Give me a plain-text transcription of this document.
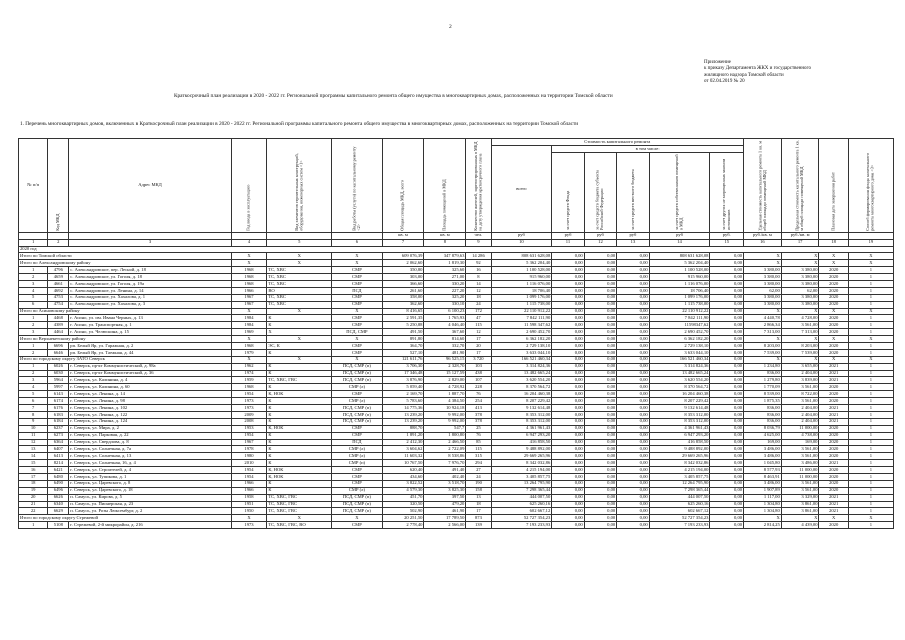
2
Приложение
к приказу Департамента ЖКХ и государственного
жилищного надзора Томской области
от 02.04.2019 № 20
Краткосрочный план реализации в 2020 - 2022 гг. Региональной программы капитального ремонта общего имущества в многоквартирных домах, расположенных на территории Томской области
1. Перечень многоквартирных домов, включенных в Краткосрочный план реализации в 2020 - 2022 гг. Региональной программы капитального ремонта общего имущества в многоквартирных домах, расположенных на территории Томской области
№ п/п	Код МКД	Адрес МКД	Год ввода в эксплуатацию	Вид элементов строительных конструкций, оборудования, инженерных систем <1>	Вид работы (услуги) по капитальному ремонту <2>	Общая площадь МКД, всего	Площадь помещений в МКД	Количество жителей, зарегистрированных в МКД на дату утверждения краткосрочного плана	Стоимость капитального ремонта						Удельная стоимость капитального ремонта 1 кв. м общей площади помещений МКД	Предельная стоимость капитального ремонта 1 кв. м общей площади помещений МКД	Плановая дата завершения работ	Способ формирования фонда капитального ремонта многоквартирного дома <3>
									всего	в том числе:								
										за счет средств Фонда	за счет средств бюджета субъекта Российской Федерации	за счет средств местного бюджета	за счет средств собственников помещений в МКД	за счет других не запрещенных законом источников				
						кв. м	кв. м	чел.	руб	руб	руб	руб	руб	руб.	руб./кв. м	руб./кв. м		
1	2	3	4	5	6	7	8	9	10	11	12	13	14	15	16	17	18	19
2020 год																		
Итого по Томской области			X	X	X	609 076,39	347 879,63	14 286	808 631 628,08	0,00	0,00	0,00	808 631 628,08	0,00	X	X	X	X
Итого по Александровскому району			X	X	X	2 062,60	1 819,30	92	5 362 204,40	0,00	0,00	0,00	5 362 204,40	0,00	X	X	X	X
1	4796	с. Александровское, пер. Лесной, д. 18	1968	ТС, ХВС	СМР	350,80	325,60	16	1 100 528,00	0,00	0,00	0,00	1 100 528,00	0,00	3 380,00	3 380,00	2020	1
2	4659	с. Александровское, ул. Гоголя, д. 18	1968	ТС, ХВС	СМР	303,00	271,00	8	915 960,00	0,00	0,00	0,00	915 960,00	0,00	3 380,00	3 380,00	2020	1
3	4661	с. Александровское, ул. Гоголя, д. 19а	1968	ТС, ХВС	СМР	366,60	330,20	14	1 116 076,00	0,00	0,00	0,00	1 116 076,00	0,00	3 380,00	3 380,00	2020	1
4	4692	с. Александровское, ул. Ленина, д. 14	1966	ВО	ПСД	261,60	227,20	12	18 706,40	0,00	0,00	0,00	18 706,40	0,00	62,00	62,00	2020	1
5	4753	с. Александровское, ул. Хахалова, д. 1	1967	ТС, ХВС	СМР	358,00	325,20	18	1 099 176,00	0,00	0,00	0,00	1 099 176,00	0,00	3 380,00	3 380,00	2020	1
6	4754	с. Александровское, ул. Хахалова, д. 3	1967	ТС, ХВС	СМР	362,60	330,10	24	1 115 738,00	0,00	0,00	0,00	1 115 738,00	0,00	3 380,00	3 380,00	2020	1
Итого по Асиновскому району			X	X	X	8 416,65	6 100,23	172	22 110 912,22	0,00	0,00	0,00	22 110 912,22	0,00	X	X	X	X
1	4468	г. Асино, ул. им. Ивана Черных, д. 13	1984	К	СМР	2 591,35	1 765,93	47	7 842 111,90	0,00	0,00	0,00	7 842 111,90	0,00	4 440,78	4 728,00	2020	1
2	4389	г. Асино, ул. Транспортная, д. 1	1984	К	СМР	5 250,88	4 046,40	115	11 598 347,62	0,00	0,00	0,00	11598347,62	0,00	2 866,34	3 561,00	2020	1
3	4464	г. Асино, ул. Челюскина, д. 15	1969	Х	ПСД, СМР	491,50	367,60	12	2 690 452,70	0,00	0,00	0,00	2 690 452,70	0,00	7 313,00	7 313,00	2020	1
Итого по Верхнекетскому району			X	X	X	891,80	814,60	17	6 362 182,20	0,00	0,00	0,00	6 362 182,20	0,00	X	X	X	X
1	6696	рп. Белый Яр, ул. Гаражная, д. 2	1968	ЭС, К	СМР	364,70	332,70	20	2 729 138,10	0,00	0,00	0,00	2 729 138,10	0,00	8 203,00	8 203,00	2020	1
2	6646	рп. Белый Яр, ул. Таежная, д. 44	1979	К	СМР	527,10	481,90	17	3 633 044,10	0,00	0,00	0,00	3 633 044,10	0,00	7 539,00	7 539,00	2020	1
Итого по городскому округу ЗАТО Северск			X	X	X	121 611,76	96 525,15	3 720	166 521 460,34	0,00	0,00	0,00	166 521 460,34	0,00	X	X	X	X
1	6026	г. Северск, пр-кт Коммунистический, д. 98а	1962	К	ПСД, СМР (п)	3 706,30	2 328,70	103	3 314 824,36	0,00	0,00	0,00	3 314 824,36	0,00	1 234,80	3 655,00	2021	1
2	6030	г. Северск, пр-кт Коммунистический, д. 36	1974	К	ПСД, СМР (п)	17 346,48	15 127,59	438	13 482 665,24	0,00	0,00	0,00	13 482 665,24	0,00	836,00	2 404,00	2021	1
3	5964	г. Северск, ул. Калинина, д. 4	1959	ТС, ХВС, ГВС	ПСД, СМР (п)	3 876,90	2 829,00	107	3 620 554,20	0,00	0,00	0,00	3 620 554,20	0,00	1 279,80	3 839,00	2021	1
4	5997	г. Северск, ул. Калинина, д. 60	1968	К	СМР (л)	5 059,40	4 728,92	228	8 370 564,72	0,00	0,00	0,00	8 370 564,72	0,00	1 770,09	3 561,00	2020	1
5	6143	г. Северск, ул. Ленина, д. 14	1954	К, НОК	СМР	2 169,70	1 887,70	76	16 204 460,38	0,00	0,00	0,00	16 204 460,38	0,00	8 539,00	8 722,00	2020	1
6	6174	г. Северск, ул. Ленина, д. 98	1973	К	СМР (л)	5 783,60	4 384,50	254	8 207 229,42	0,00	0,00	0,00	8 207 229,42	0,00	1 875,35	3 561,00	2020	1
7	6176	г. Северск, ул. Ленина, д. 102	1973	К	ПСД, СМР (п)	14 775,36	10 924,18	413	9 132 614,48	0,00	0,00	0,00	9 132 614,48	0,00	836,00	2 404,00	2021	1
8	6183	г. Северск, ул. Ленина, д. 122	2009	К	ПСД, СМР (п)	13 239,20	9 992,00	378	8 353 312,00	0,00	0,00	0,00	8 353 312,00	0,00	836,00	2 404,00	2021	1
9	6184	г. Северск, ул. Ленина, д. 124	2008	К	ПСД, СМР (п)	13 239,20	9 992,00	378	8 353 312,00	0,00	0,00	0,00	8 353 312,00	0,00	836,00	2 404,00	2021	1
10	6237	г. Северск, ул. Мира, д. 2	1953	К, НОК	СМР	888,70	547,7	25	4 361 961,43	0,00	0,00	0,00	4 361 961,43	0,00	8 036,79	11 000,00	2020	1
11	6273	г. Северск, ул. Парковая, д. 22	1954	К	СМР	1 891,20	1 800,80	76	6 947 293,20	0,00	0,00	0,00	6 947 293,20	0,00	4 625,00	4 738,00	2020	1
12	6364	г. Северск, ул. Свердлова, д. 8	1967	К	ПСД	2 412,30	2 466,50	85	416 858,50	0,00	0,00	0,00	416 858,50	0,00	169,00	169,00	2020	1
13	6407	г. Северск, ул. Солнечная, д. 7а	1978	К	СМР (л)	3 604,62	2 722,09	115	9 488 892,00	0,00	0,00	0,00	9 488 892,00	0,00	3 486,00	3 561,00	2020	1
14	6413	г. Северск, ул. Солнечная, д. 13	1980	К	СМР (л)	11 603,32	8 538,86	315	29 669 265,96	0,00	0,00	0,00	29 669 265,96	0,00	3 486,00	3 561,00	2020	1
15	8214	г. Северск, ул. Солнечная, 16, д. 4	2010	К	СМР (п)	10 767,50	7 976,70	294	8 342 032,86	0,00	0,00	0,00	8 342 032,86	0,00	1 045,80	3 486,00	2021	1
16	6421	г. Северск, ул. Строителей, д. 4	1954	К, НОК	СМР	620,40	491,40	27	4 215 194,00	0,00	0,00	0,00	4 215 194,00	0,00	8 577,93	11 000,00	2020	1
17	6480	г. Северск, ул. Тупикова, д. 1	1954	К, НОК	СМР	434,60	402,40	24	3 405 857,75	0,00	0,00	0,00	3 405 857,75	0,00	8 463,91	11 000,00	2020	1
18	6490	г. Северск, ул. Царевского, д. 8	1966	К	СМР	3 822,52	3 518,70	190	13 264 795,90	0,00	0,00	0,00	12 264 795,90	0,00	3 486,00	3 561,00	2020	1
19	6496	г. Северск, ул. Царевского, д. 18	1966	К	СМР (л)	4 579,30	3 825,30	158	7 298 365,44	0,00	0,00	0,00	7 298 365,44	0,00	1 907,89	3 561,00	2020	1
20	6626	п. Самусь, ул. Кирова, д. 5	1958	ТС, ХВС, ГВС	ПСД, СМР (п)	451,70	397,50	13	444 007,50	0,00	0,00	0,00	444 007,50	0,00	1 117,00	3 329,00	2021	1
21	6340	п. Самусь, ул. Пионерская, д. 23	1951	ТС, ХВС, ГВС	ПСД, СМР (п)	320,50	479,20	18	625 260,16	0,00	0,00	0,00	625 260,16	0,00	1 304,80	3 861,00	2021	1
22	6629	п. Самусь, ул. Розы Люксембург, д. 2	1950	ТС, ХВС, ГВС	ПСД, СМР (п)	502,90	461,90	17	602 667,12	0,00	0,00	0,00	602 667,12	0,00	1 304,80	3 861,00	2021	1
Итого по городскому округу Стрежевой			X	X	X	20 251,50	17 789,50	873	52 727 354,23	0,00	0,00	0,00	52 727 354,23	0,00	X	X	X	X
1	5108	г. Стрежевой, 2-й микрорайон, д. 216	1973	ТС, ХВС, ГВС, ВО	СМР	2 778,40	2 566,00	139	7 193 233,93	0,00	0,00	0,00	7 193 233,93	0,00	2 814,25	4 439,00	2020	1
